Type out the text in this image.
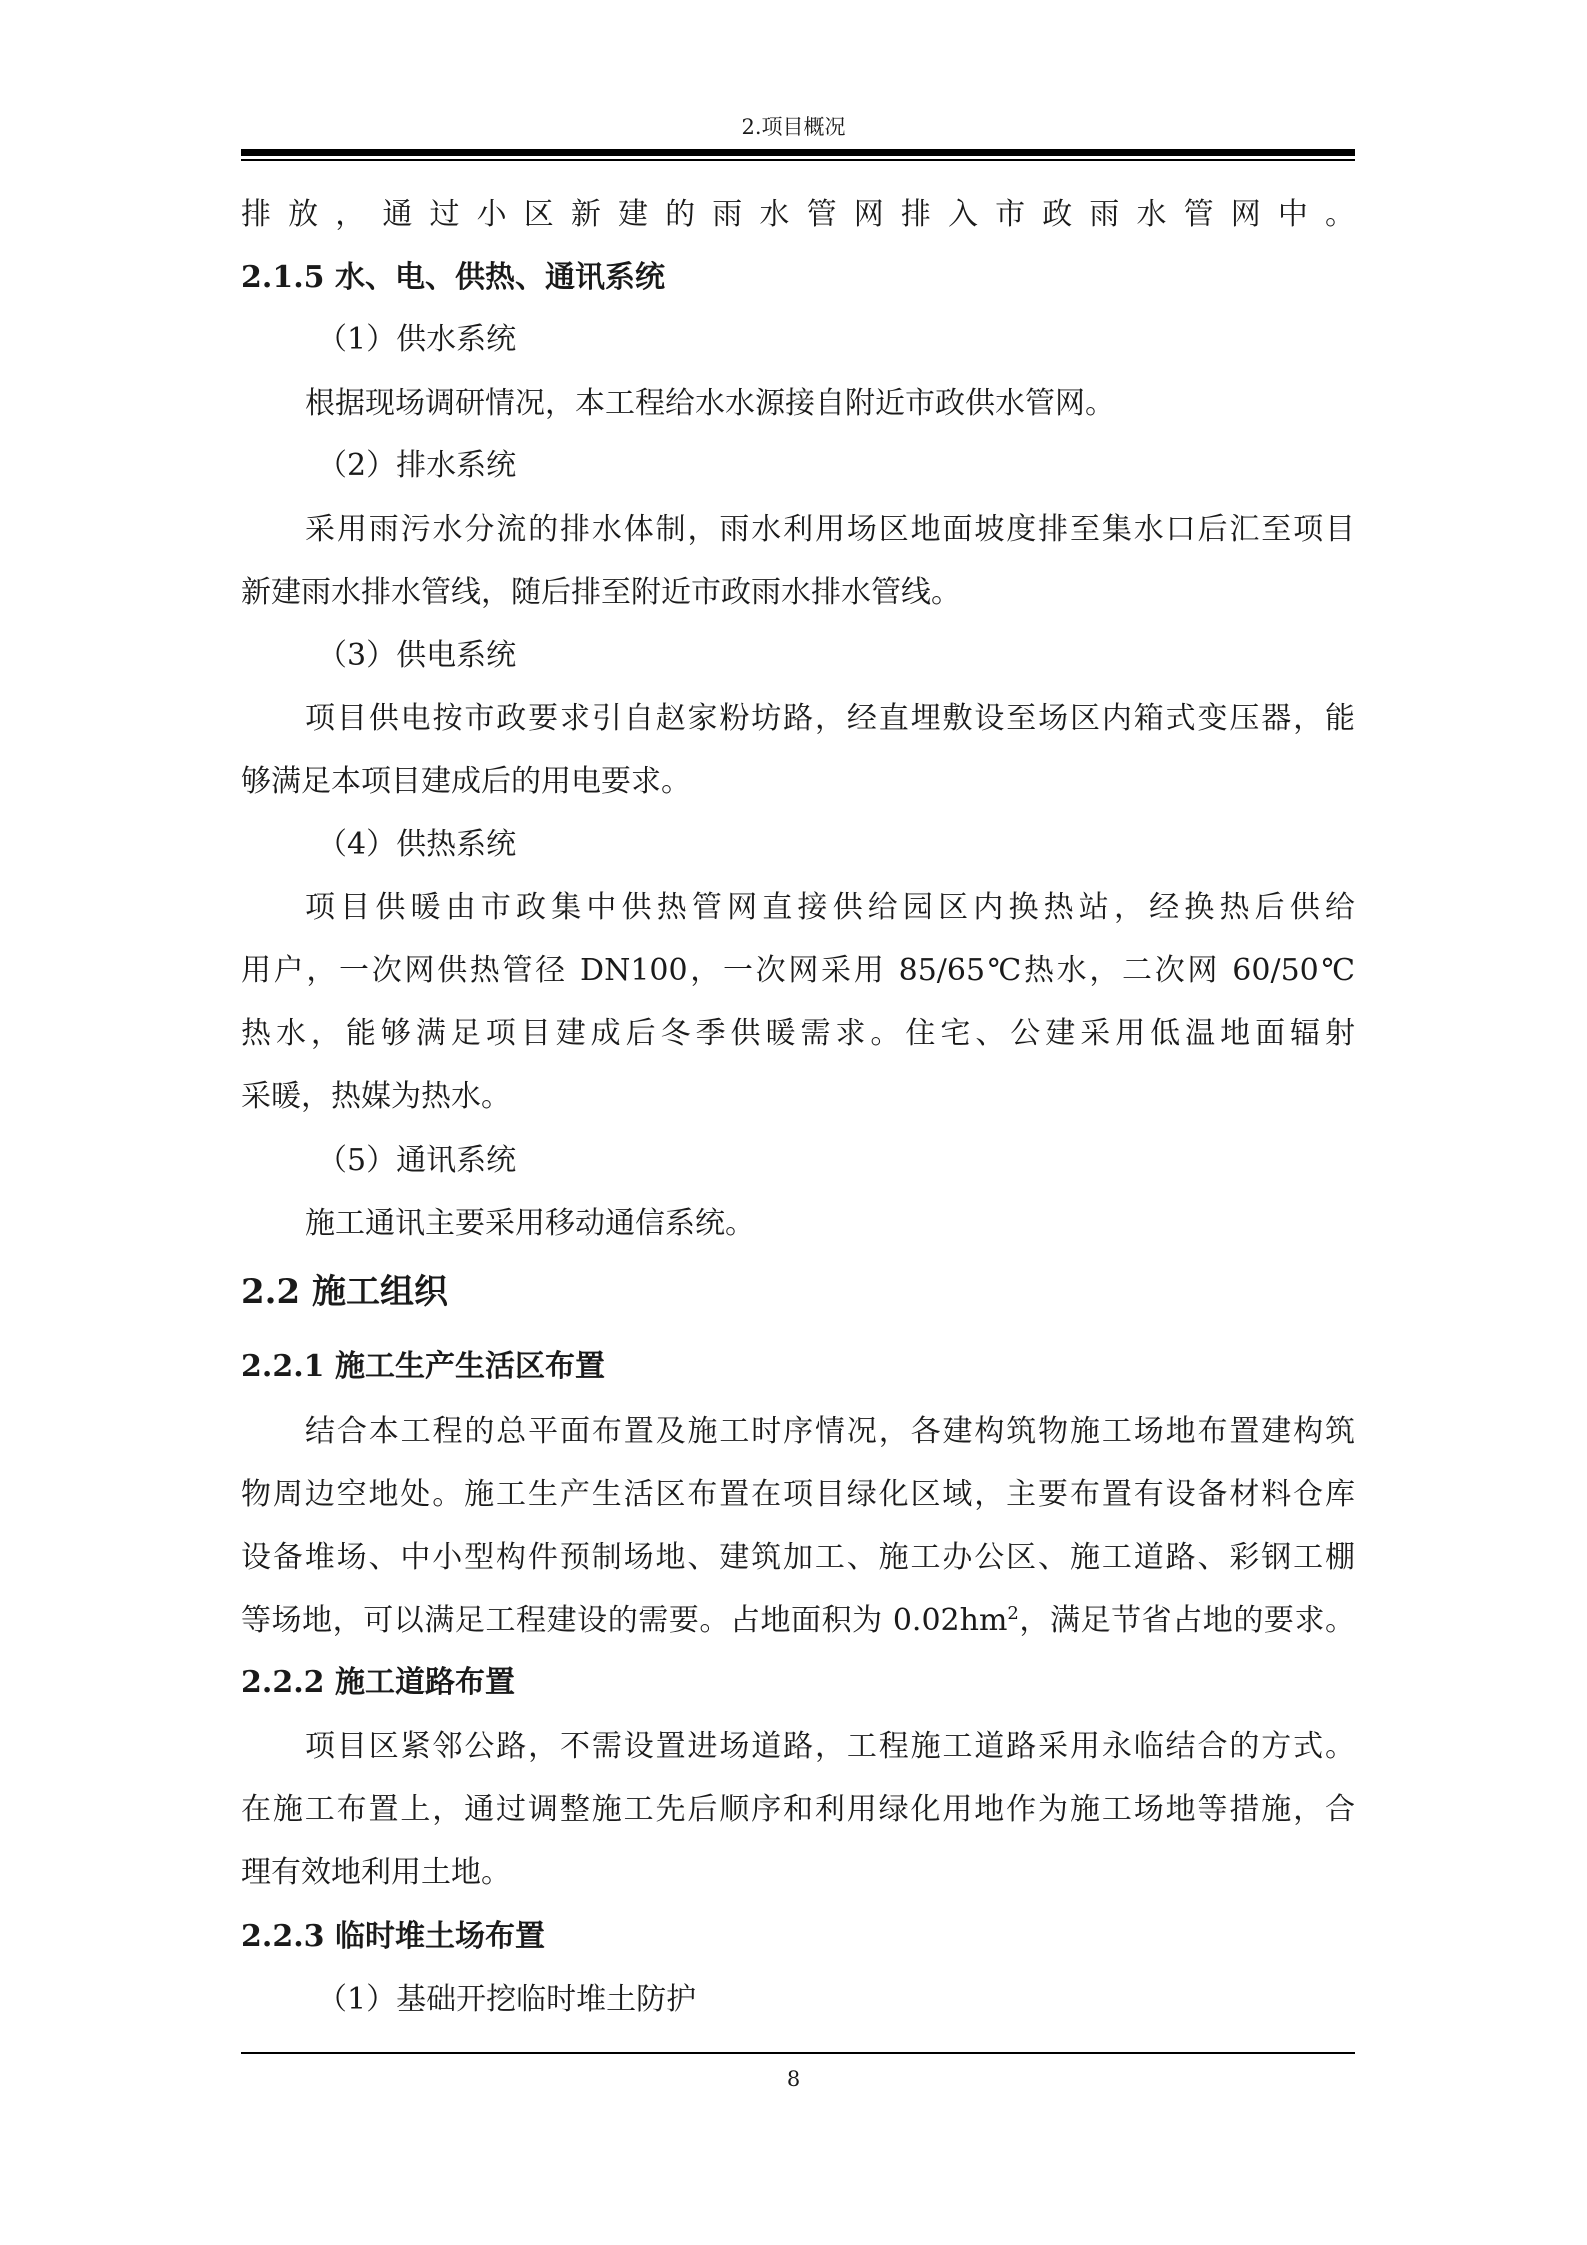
2.项目概况
排放，通过小区新建的雨水管网排入市政雨水管网中。
2.1.5 水、电、供热、通讯系统
（1）供水系统
根据现场调研情况，本工程给水水源接自附近市政供水管网。
（2）排水系统
采用雨污水分流的排水体制，雨水利用场区地面坡度排至集水口后汇至项目
新建雨水排水管线，随后排至附近市政雨水排水管线。
（3）供电系统
项目供电按市政要求引自赵家粉坊路，经直埋敷设至场区内箱式变压器，能
够满足本项目建成后的用电要求。
（4）供热系统
项目供暖由市政集中供热管网直接供给园区内换热站，经换热后供给
用户，一次网供热管径 DN100，一次网采用 85/65℃热水，二次网 60/50℃
热水，能够满足项目建成后冬季供暖需求。住宅、公建采用低温地面辐射
采暖，热媒为热水。
（5）通讯系统
施工通讯主要采用移动通信系统。
2.2 施工组织
2.2.1 施工生产生活区布置
结合本工程的总平面布置及施工时序情况，各建构筑物施工场地布置建构筑
物周边空地处。施工生产生活区布置在项目绿化区域，主要布置有设备材料仓库
设备堆场、中小型构件预制场地、建筑加工、施工办公区、施工道路、彩钢工棚
等场地，可以满足工程建设的需要。占地面积为 $0.02hm^2$，满足节省占地的要求。
2.2.2 施工道路布置
项目区紧邻公路，不需设置进场道路，工程施工道路采用永临结合的方式。
在施工布置上，通过调整施工先后顺序和利用绿化用地作为施工场地等措施，合
理有效地利用土地。
2.2.3 临时堆土场布置
（1）基础开挖临时堆土防护
8
